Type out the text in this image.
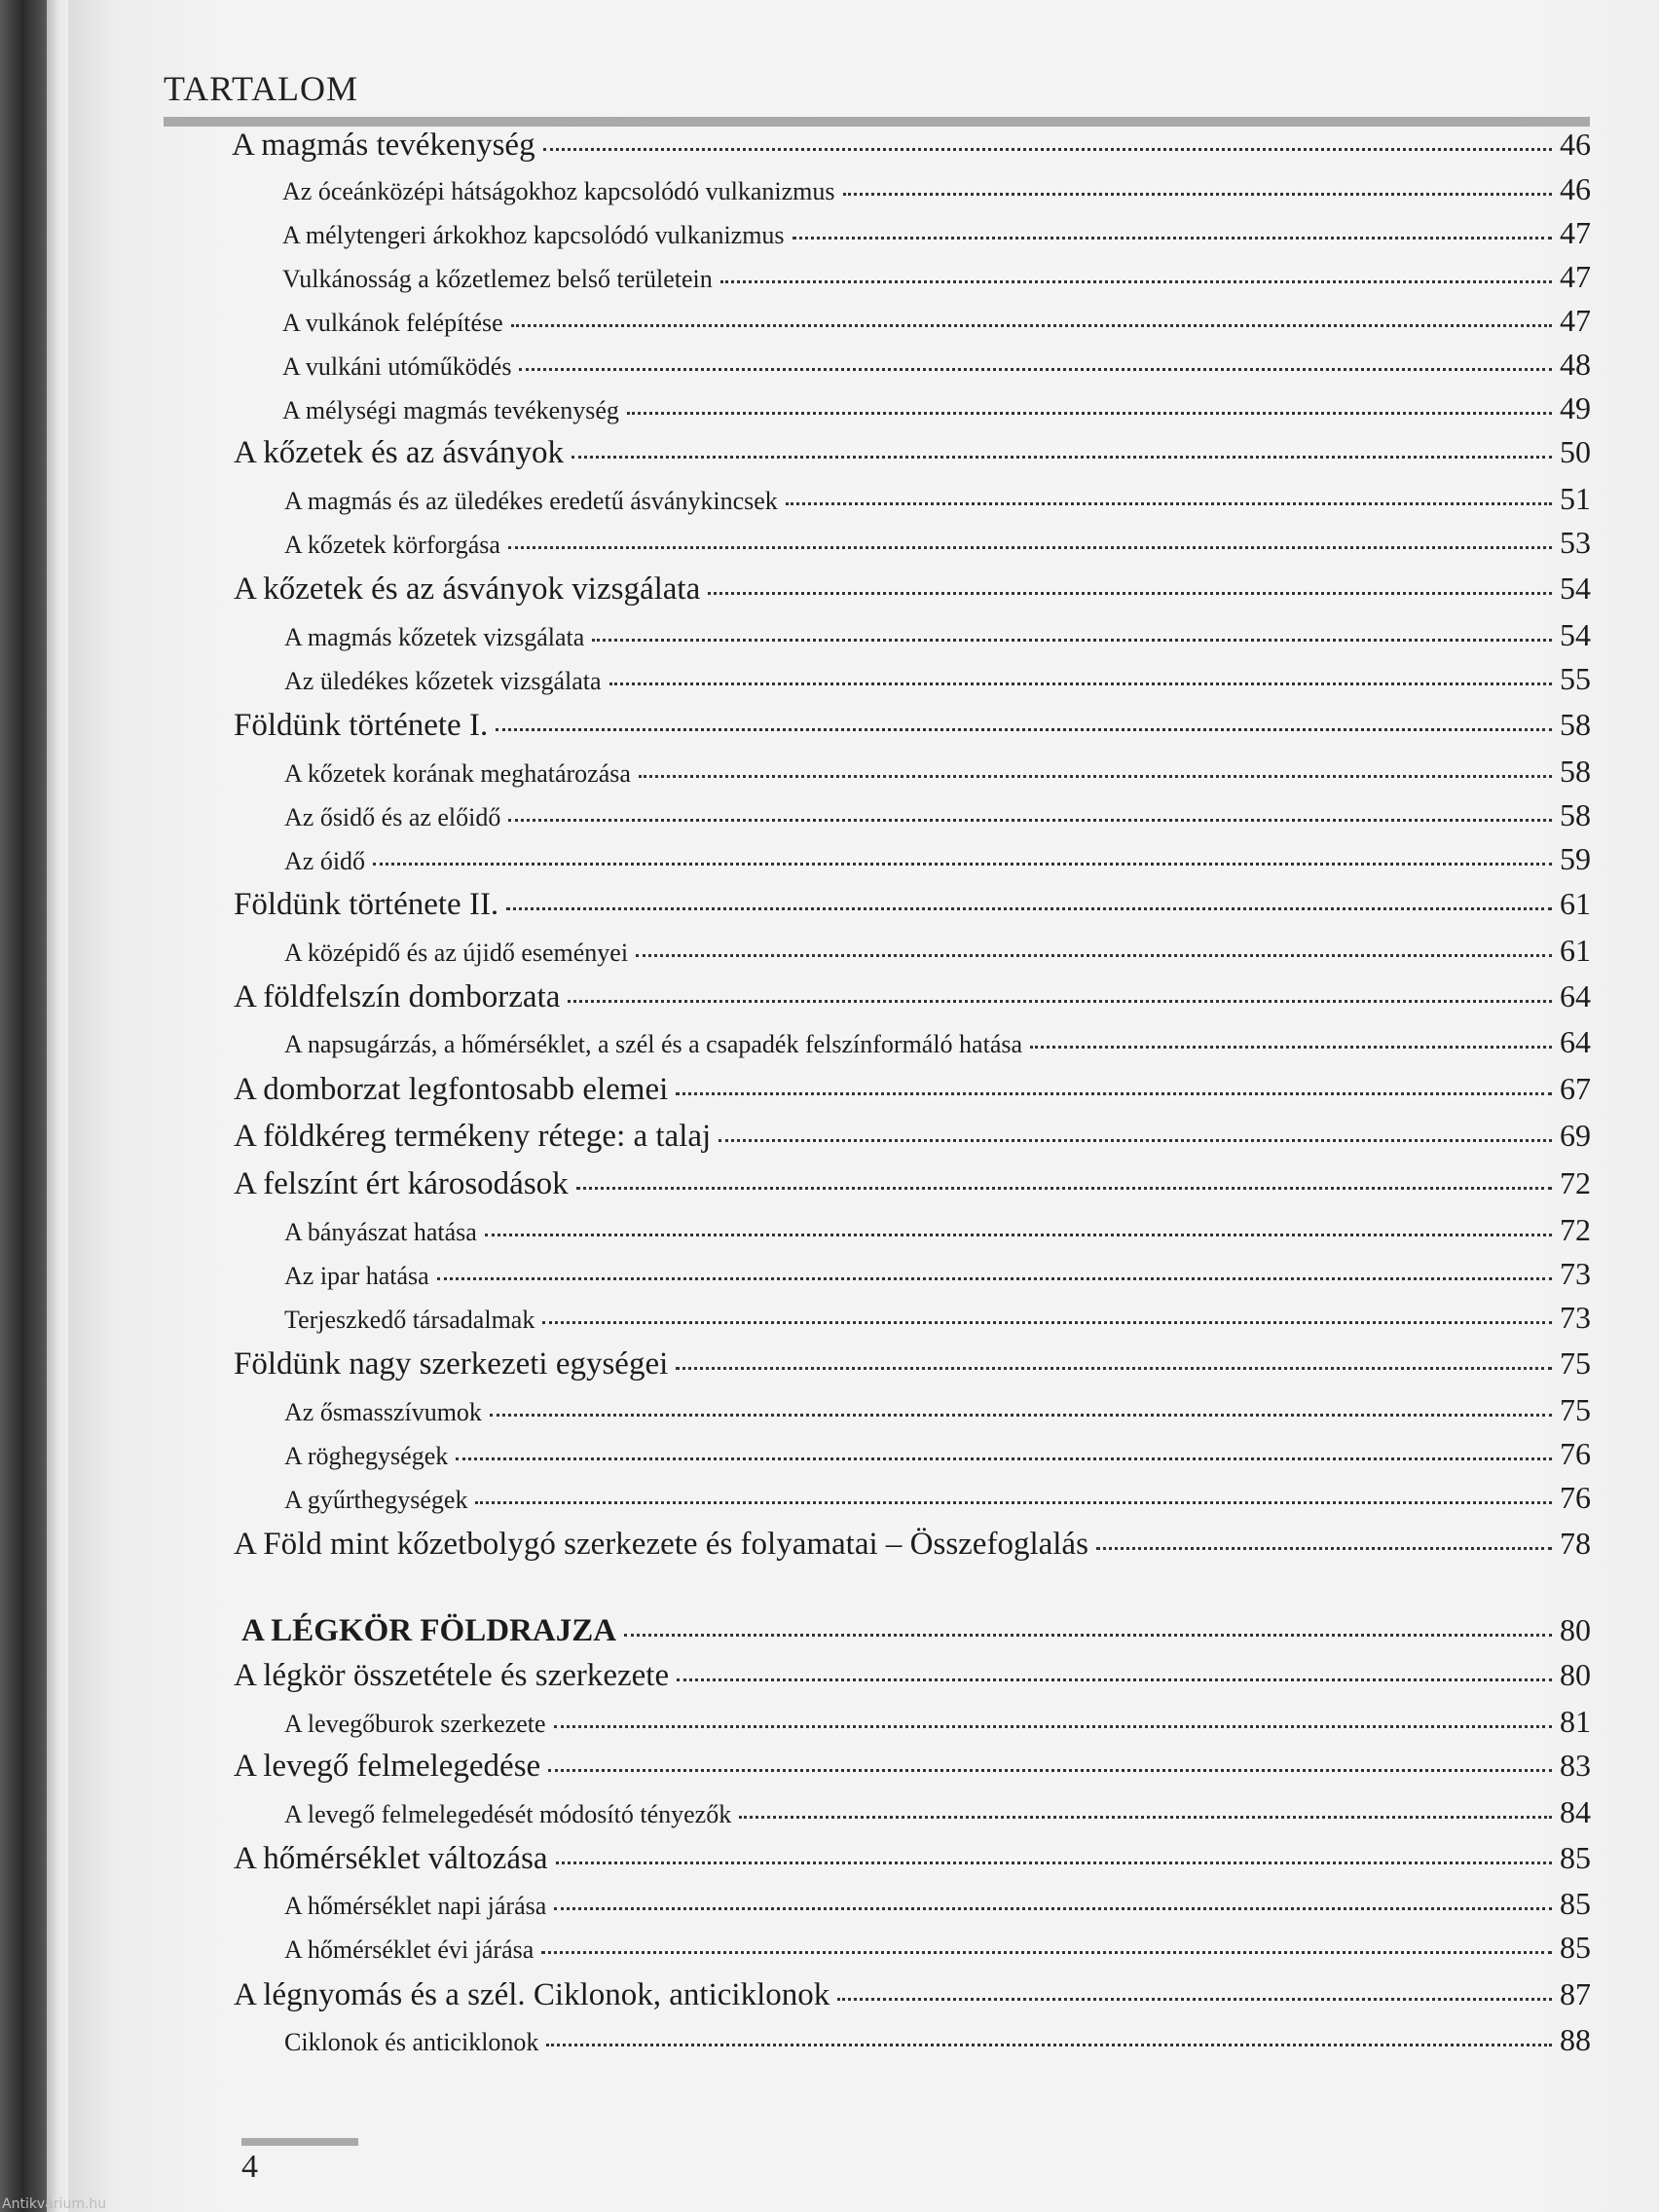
TARTALOM
A magmás tevékenység	46
Az óceánközépi hátságokhoz kapcsolódó vulkanizmus	46
A mélytengeri árkokhoz kapcsolódó vulkanizmus	47
Vulkánosság a kőzetlemez belső területein	47
A vulkánok felépítése	47
A vulkáni utóműködés	48
A mélységi magmás tevékenység	49
A kőzetek és az ásványok	50
A magmás és az üledékes eredetű ásványkincsek	51
A kőzetek körforgása	53
A kőzetek és az ásványok vizsgálata	54
A magmás kőzetek vizsgálata	54
Az üledékes kőzetek vizsgálata	55
Földünk története I.	58
A kőzetek korának meghatározása	58
Az ősidő és az előidő	58
Az óidő	59
Földünk története II.	61
A középidő és az újidő eseményei	61
A földfelszín domborzata	64
A napsugárzás, a hőmérséklet, a szél és a csapadék felszínformáló hatása	64
A domborzat legfontosabb elemei	67
A földkéreg termékeny rétege: a talaj	69
A felszínt ért károsodások	72
A bányászat hatása	72
Az ipar hatása	73
Terjeszkedő társadalmak	73
Földünk nagy szerkezeti egységei	75
Az ősmasszívumok	75
A röghegységek	76
A gyűrthegységek	76
A Föld mint kőzetbolygó szerkezete és folyamatai – Összefoglalás	78
A LÉGKÖR FÖLDRAJZA	80
A légkör összetétele és szerkezete	80
A levegőburok szerkezete	81
A levegő felmelegedése	83
A levegő felmelegedését módosító tényezők	84
A hőmérséklet változása	85
A hőmérséklet napi járása	85
A hőmérséklet évi járása	85
A légnyomás és a szél. Ciklonok, anticiklonok	87
Ciklonok és anticiklonok	88
4
Antikvárium.hu
